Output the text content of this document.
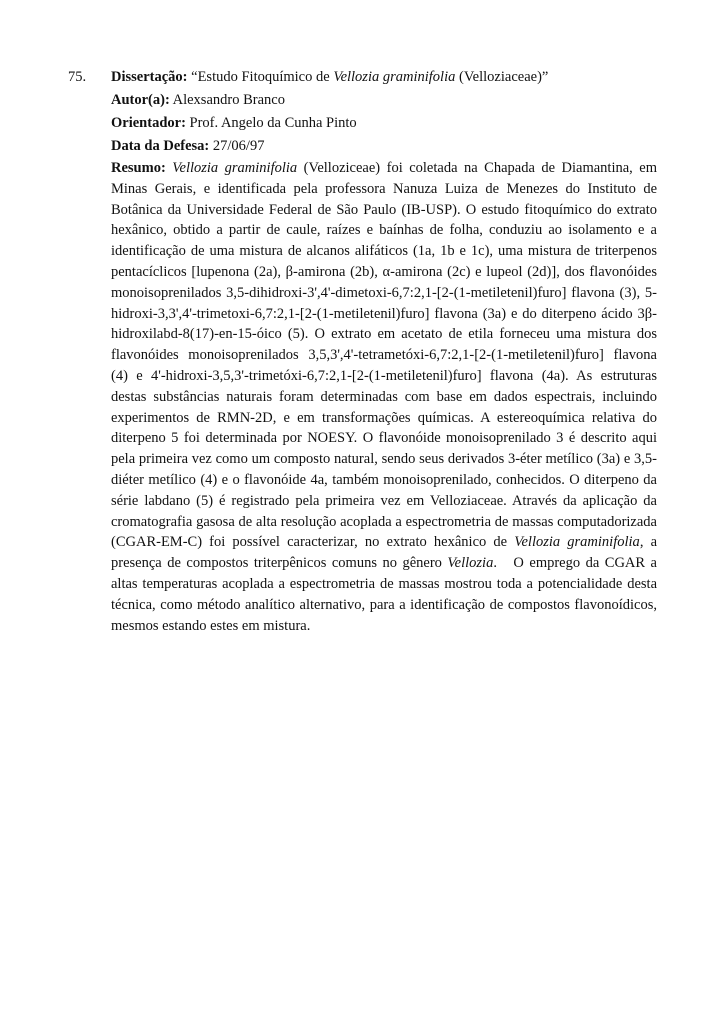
75. Dissertação: “Estudo Fitoquímico de Vellozia graminifolia (Velloziaceae)”

Autor(a): Alexsandro Branco

Orientador: Prof. Angelo da Cunha Pinto

Data da Defesa: 27/06/97

Resumo: Vellozia graminifolia (Velloziceae) foi coletada na Chapada de Diamantina, em Minas Gerais, e identificada pela professora Nanuza Luiza de Menezes do Instituto de Botânica da Universidade Federal de São Paulo (IB-USP). O estudo fitoquímico do extrato hexânico, obtido a partir de caule, raízes e baínhas de folha, conduziu ao isolamento e a identificação de uma mistura de alcanos alifáticos (1a, 1b e 1c), uma mistura de triterpenos pentacíclicos [lupenona (2a), β-amirona (2b), α-amirona (2c) e lupeol (2d)], dos flavonóides monoisoprenilados 3,5-dihidroxi-3',4'-dimetoxi-6,7:2,1-[2-(1-metiletenil)furo] flavona (3), 5-hidroxi-3,3',4'-trimetoxi-6,7:2,1-[2-(1-metiletenil)furo] flavona (3a) e do diterpeno ácido 3β-hidroxilabd-8(17)-en-15-óico (5). O extrato em acetato de etila forneceu uma mistura dos flavonóides monoisoprenilados 3,5,3',4'-tetrametóxi-6,7:2,1-[2-(1-metiletenil)furo] flavona (4) e 4'-hidroxi-3,5,3'-trimetóxi-6,7:2,1-[2-(1-metiletenil)furo] flavona (4a). As estruturas destas substâncias naturais foram determinadas com base em dados espectrais, incluindo experimentos de RMN-2D, e em transformações químicas. A estereoquímica relativa do diterpeno 5 foi determinada por NOESY. O flavonóide monoisoprenilado 3 é descrito aqui pela primeira vez como um composto natural, sendo seus derivados 3-éter metílico (3a) e 3,5-diéter metílico (4) e o flavonóide 4a, também monoisoprenilado, conhecidos. O diterpeno da série labdano (5) é registrado pela primeira vez em Velloziaceae. Através da aplicação da cromatografia gasosa de alta resolução acoplada a espectrometria de massas computadorizada (CGAR-EM-C) foi possível caracterizar, no extrato hexânico de Vellozia graminifolia, a presença de compostos triterpênicos comuns no gênero Vellozia.   O emprego da CGAR a altas temperaturas acoplada a espectrometria de massas mostrou toda a potencialidade desta técnica, como método analítico alternativo, para a identificação de compostos flavonoídicos, mesmos estando estes em mistura.
